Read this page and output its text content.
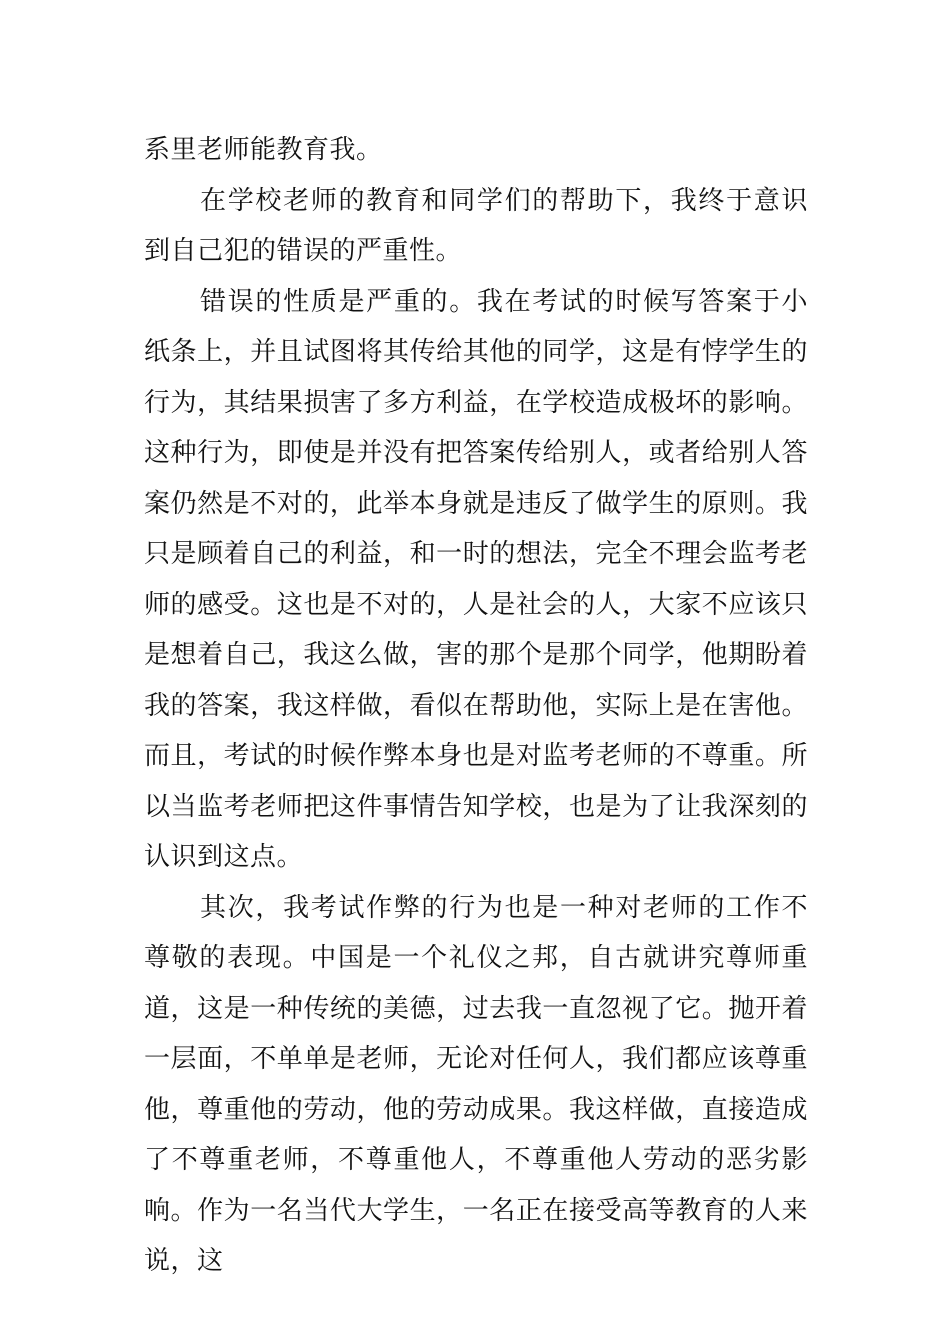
系里老师能教育我。

在学校老师的教育和同学们的帮助下，我终于意识到自己犯的错误的严重性。

错误的性质是严重的。我在考试的时候写答案于小纸条上，并且试图将其传给其他的同学，这是有悖学生的行为，其结果损害了多方利益，在学校造成极坏的影响。这种行为，即使是并没有把答案传给别人，或者给别人答案仍然是不对的，此举本身就是违反了做学生的原则。我只是顾着自己的利益，和一时的想法，完全不理会监考老师的感受。这也是不对的，人是社会的人，大家不应该只是想着自己，我这么做，害的那个是那个同学，他期盼着我的答案，我这样做，看似在帮助他，实际上是在害他。而且，考试的时候作弊本身也是对监考老师的不尊重。所以当监考老师把这件事情告知学校，也是为了让我深刻的认识到这点。

其次，我考试作弊的行为也是一种对老师的工作不尊敬的表现。中国是一个礼仪之邦，自古就讲究尊师重道，这是一种传统的美德，过去我一直忽视了它。抛开着一层面，不单单是老师，无论对任何人，我们都应该尊重他，尊重他的劳动，他的劳动成果。我这样做，直接造成了不尊重老师，不尊重他人，不尊重他人劳动的恶劣影响。作为一名当代大学生，一名正在接受高等教育的人来说，这
